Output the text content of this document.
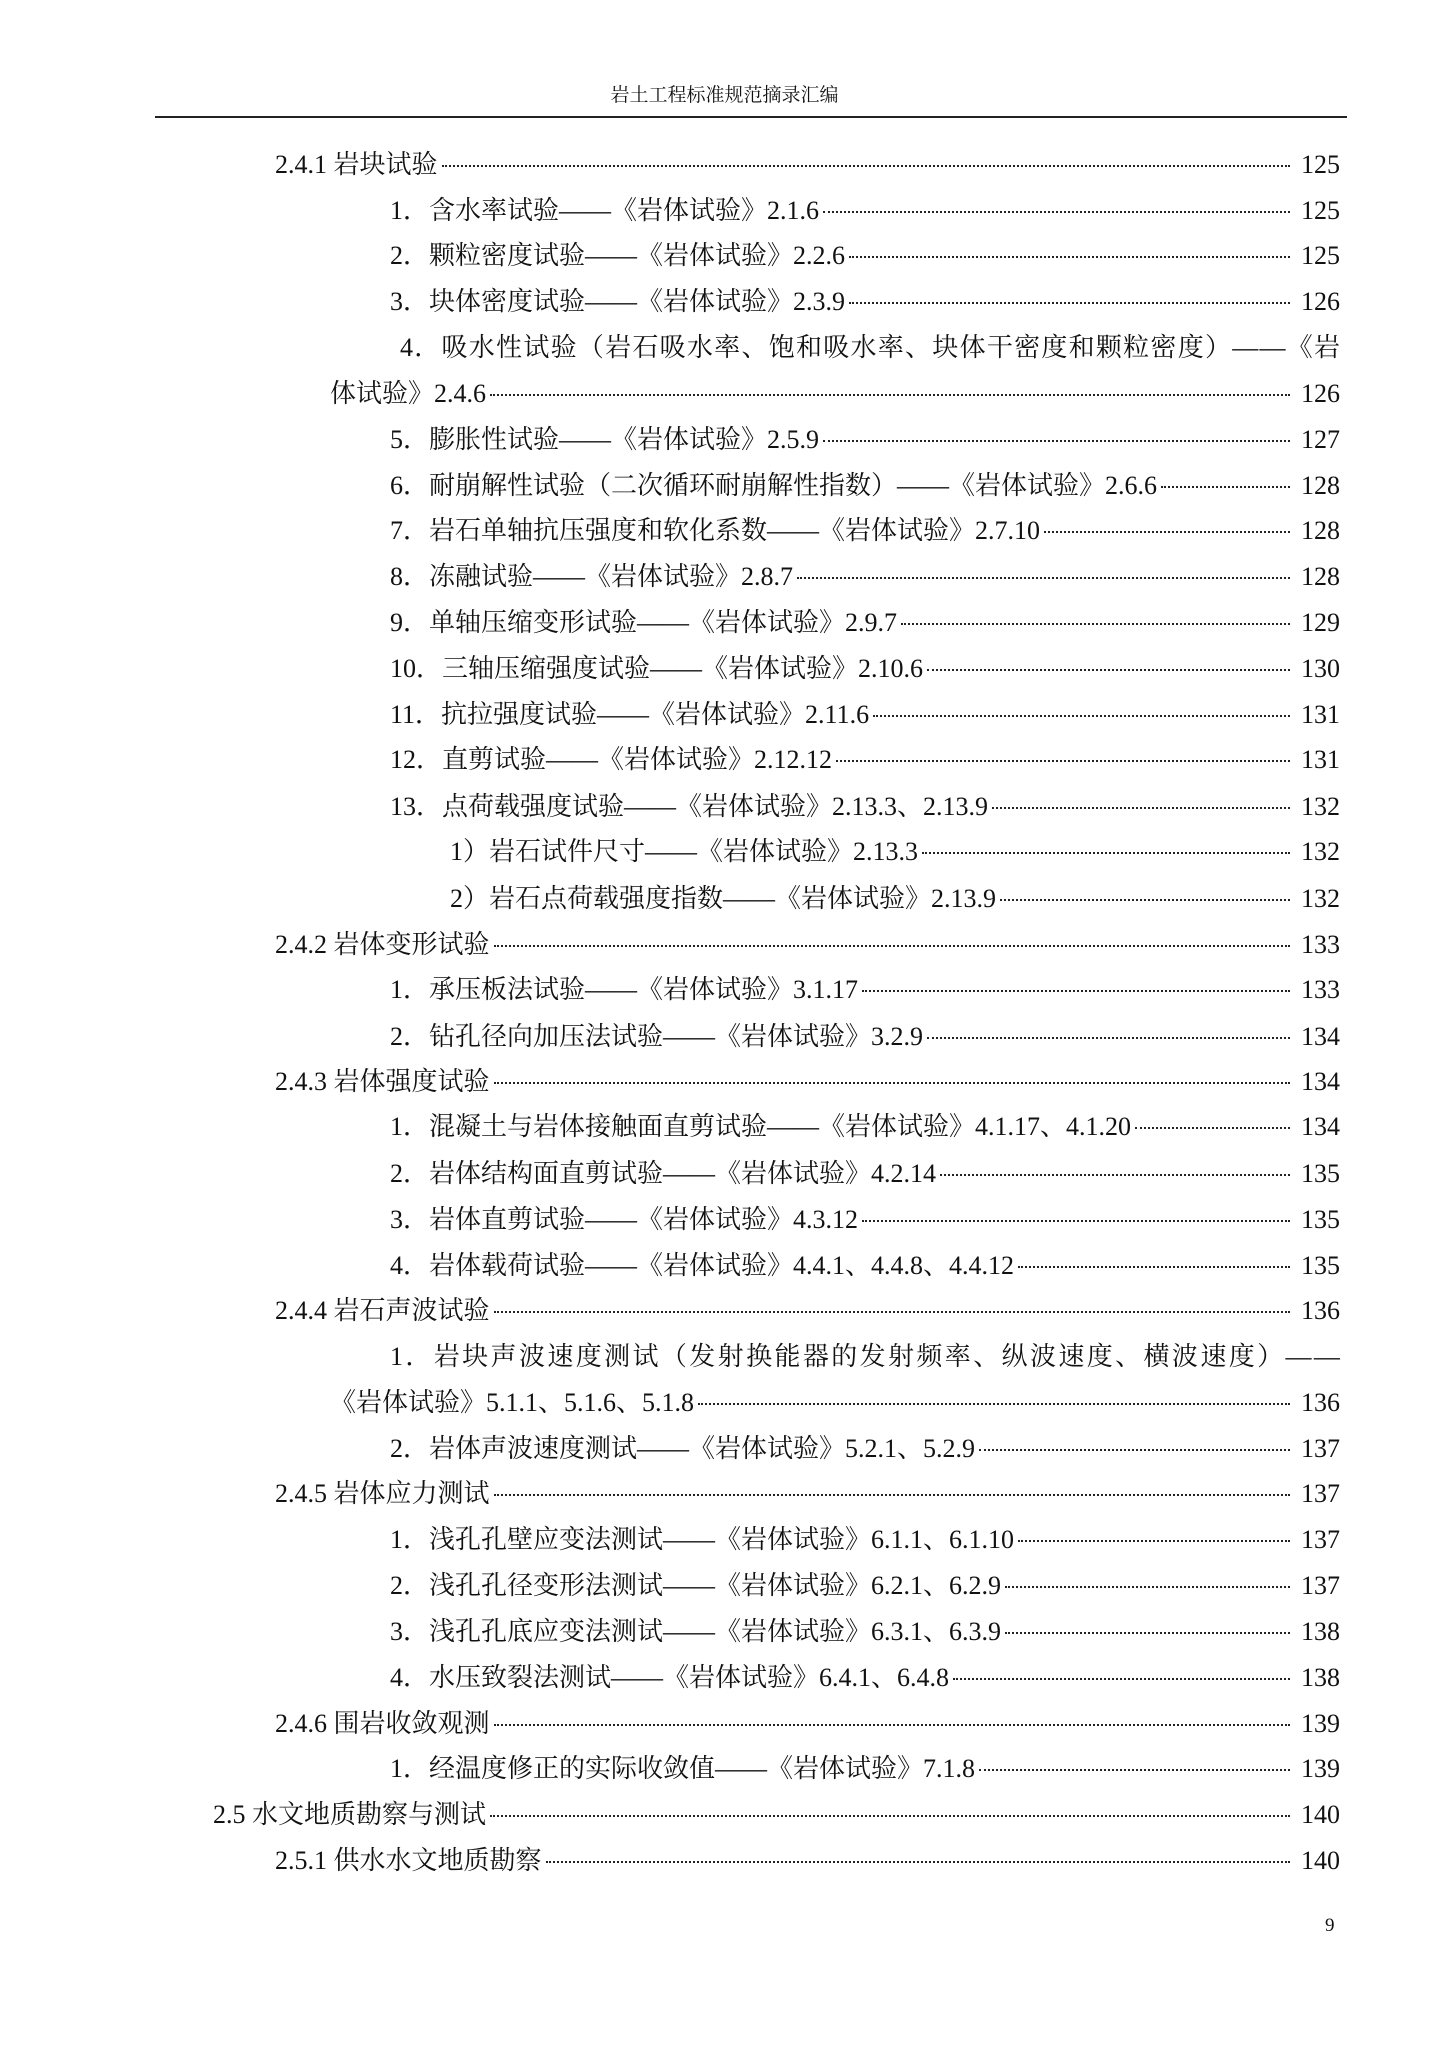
岩土工程标准规范摘录汇编
2.4.1 岩块试验	125
1．含水率试验——《岩体试验》2.1.6	125
2．颗粒密度试验——《岩体试验》2.2.6	125
3．块体密度试验——《岩体试验》2.3.9	126
4 ． 吸 水 性 试 验 （ 岩 石 吸 水 率 、 饱 和 吸 水 率 、 块 体 干 密 度 和 颗 粒 密 度 ） — — 《 岩
体试验》2.4.6	126
5．膨胀性试验——《岩体试验》2.5.9	127
6．耐崩解性试验（二次循环耐崩解性指数）——《岩体试验》2.6.6	128
7．岩石单轴抗压强度和软化系数——《岩体试验》2.7.10	128
8．冻融试验——《岩体试验》2.8.7	128
9．单轴压缩变形试验——《岩体试验》2.9.7	129
10．三轴压缩强度试验——《岩体试验》2.10.6	130
11．抗拉强度试验——《岩体试验》2.11.6	131
12．直剪试验——《岩体试验》2.12.12	131
13．点荷载强度试验——《岩体试验》2.13.3、2.13.9	132
1）岩石试件尺寸——《岩体试验》2.13.3	132
2）岩石点荷载强度指数——《岩体试验》2.13.9	132
2.4.2 岩体变形试验	133
1．承压板法试验——《岩体试验》3.1.17	133
2．钻孔径向加压法试验——《岩体试验》3.2.9	134
2.4.3 岩体强度试验	134
1．混凝土与岩体接触面直剪试验——《岩体试验》4.1.17、4.1.20	134
2．岩体结构面直剪试验——《岩体试验》4.2.14	135
3．岩体直剪试验——《岩体试验》4.3.12	135
4．岩体载荷试验——《岩体试验》4.4.1、4.4.8、4.4.12	135
2.4.4 岩石声波试验	136
1 ． 岩 块 声 波 速 度 测 试 （ 发 射 换 能 器 的 发 射 频 率 、 纵 波 速 度 、 横 波 速 度 ） — —
《岩体试验》5.1.1、5.1.6、5.1.8	136
2．岩体声波速度测试——《岩体试验》5.2.1、5.2.9	137
2.4.5 岩体应力测试	137
1．浅孔孔壁应变法测试——《岩体试验》6.1.1、6.1.10	137
2．浅孔孔径变形法测试——《岩体试验》6.2.1、6.2.9	137
3．浅孔孔底应变法测试——《岩体试验》6.3.1、6.3.9	138
4．水压致裂法测试——《岩体试验》6.4.1、6.4.8	138
2.4.6 围岩收敛观测	139
1．经温度修正的实际收敛值——《岩体试验》7.1.8	139
2.5 水文地质勘察与测试	140
2.5.1 供水水文地质勘察	140
9
